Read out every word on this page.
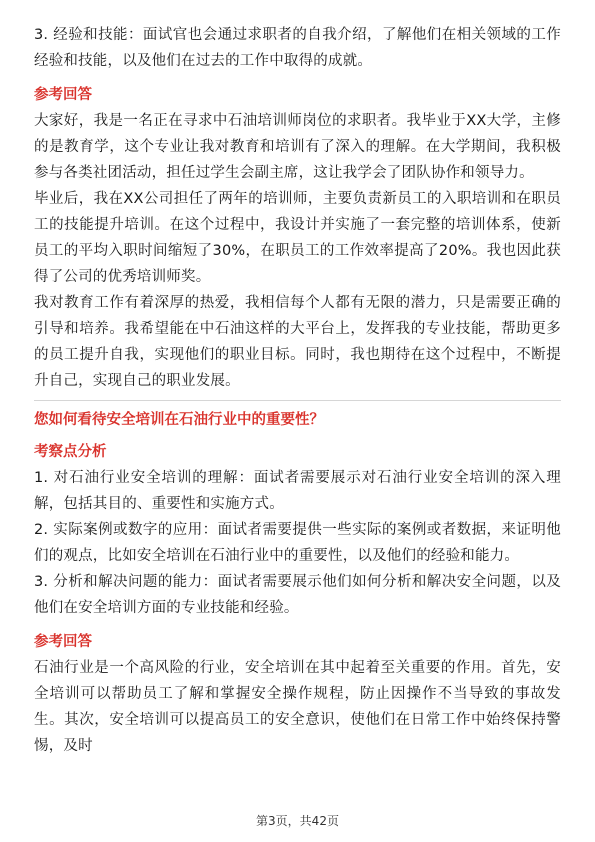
3. 经验和技能：面试官也会通过求职者的自我介绍，了解他们在相关领域的工作经验和技能，以及他们在过去的工作中取得的成就。

参考回答

大家好，我是一名正在寻求中石油培训师岗位的求职者。我毕业于XX大学，主修的是教育学，这个专业让我对教育和培训有了深入的理解。在大学期间，我积极参与各类社团活动，担任过学生会副主席，这让我学会了团队协作和领导力。

毕业后，我在XX公司担任了两年的培训师，主要负责新员工的入职培训和在职员工的技能提升培训。在这个过程中，我设计并实施了一套完整的培训体系，使新员工的平均入职时间缩短了30%，在职员工的工作效率提高了20%。我也因此获得了公司的优秀培训师奖。

我对教育工作有着深厚的热爱，我相信每个人都有无限的潜力，只是需要正确的引导和培养。我希望能在中石油这样的大平台上，发挥我的专业技能，帮助更多的员工提升自我，实现他们的职业目标。同时，我也期待在这个过程中，不断提升自己，实现自己的职业发展。

您如何看待安全培训在石油行业中的重要性？

考察点分析

1. 对石油行业安全培训的理解：面试者需要展示对石油行业安全培训的深入理解，包括其目的、重要性和实施方式。

2. 实际案例或数字的应用：面试者需要提供一些实际的案例或者数据，来证明他们的观点，比如安全培训在石油行业中的重要性，以及他们的经验和能力。

3. 分析和解决问题的能力：面试者需要展示他们如何分析和解决安全问题，以及他们在安全培训方面的专业技能和经验。

参考回答

石油行业是一个高风险的行业，安全培训在其中起着至关重要的作用。首先，安全培训可以帮助员工了解和掌握安全操作规程，防止因操作不当导致的事故发生。其次，安全培训可以提高员工的安全意识，使他们在日常工作中始终保持警惕，及时

第3页，共42页
